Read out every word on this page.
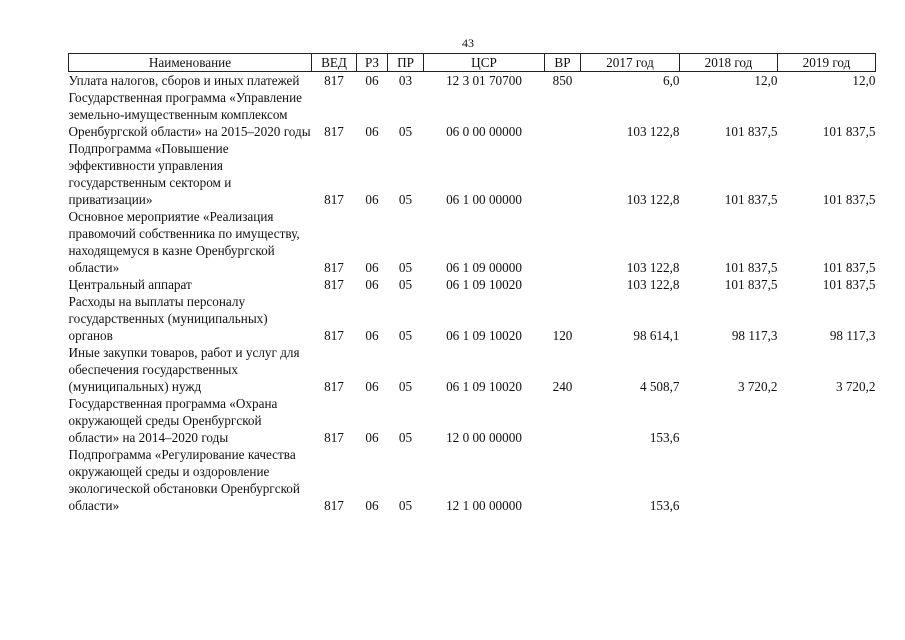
43
Наименование	ВЕД	РЗ	ПР	ЦСР	ВР	2017 год	2018 год	2019 год
Уплата налогов, сборов и иных платежей	817	06	03	12 3 01 70700	850	6,0	12,0	12,0
Государственная программа «Управление земельно-имущественным комплексом Оренбургской области» на 2015–2020 годы	817	06	05	06 0 00 00000		103 122,8	101 837,5	101 837,5
Подпрограмма «Повышение эффективности управления государственным сектором и приватизации»	817	06	05	06 1 00 00000		103 122,8	101 837,5	101 837,5
Основное мероприятие «Реализация правомочий собственника по имуществу, находящемуся в казне Оренбургской области»	817	06	05	06 1 09 00000		103 122,8	101 837,5	101 837,5
Центральный аппарат	817	06	05	06 1 09 10020		103 122,8	101 837,5	101 837,5
Расходы на выплаты персоналу государственных (муниципальных) органов	817	06	05	06 1 09 10020	120	98 614,1	98 117,3	98 117,3
Иные закупки товаров, работ и услуг для обеспечения государственных (муниципальных) нужд	817	06	05	06 1 09 10020	240	4 508,7	3 720,2	3 720,2
Государственная программа «Охрана окружающей среды Оренбургской области» на 2014–2020 годы	817	06	05	12 0 00 00000		153,6		
Подпрограмма «Регулирование качества окружающей среды и оздоровление экологической обстановки Оренбургской области»	817	06	05	12 1 00 00000		153,6		
